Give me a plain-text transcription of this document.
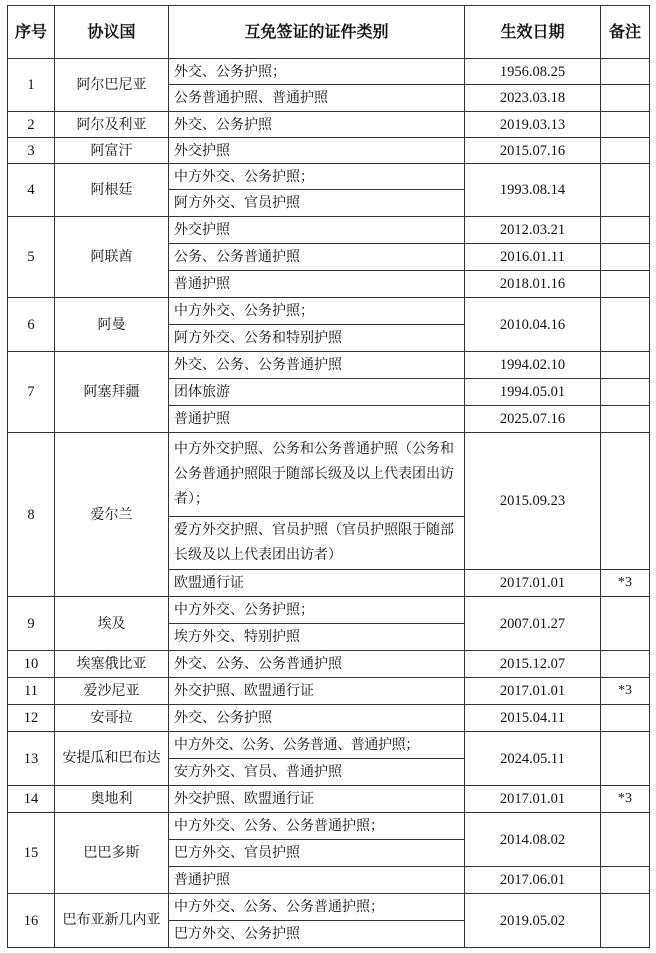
序号	协议国	互免签证的证件类别	生效日期	备注
1	阿尔巴尼亚	外交、公务护照；	1956.08.25	
		公务普通护照、普通护照	2023.03.18	
2	阿尔及利亚	外交、公务护照	2019.03.13	
3	阿富汗	外交护照	2015.07.16	
4	阿根廷	中方外交、公务护照；	1993.08.14	
		阿方外交、官员护照		
5	阿联酋	外交护照	2012.03.21	
		公务、公务普通护照	2016.01.11	
		普通护照	2018.01.16	
6	阿曼	中方外交、公务护照；	2010.04.16	
		阿方外交、公务和特别护照		
7	阿塞拜疆	外交、公务、公务普通护照	1994.02.10	
		团体旅游	1994.05.01	
		普通护照	2025.07.16	
8	爱尔兰	中方外交护照、公务和公务普通护照（公务和公务普通护照限于随部长级及以上代表团出访者）；	2015.09.23	
		爱方外交护照、官员护照（官员护照限于随部长级及以上代表团出访者）		
		欧盟通行证	2017.01.01	*3
9	埃及	中方外交、公务护照；	2007.01.27	
		埃方外交、特别护照		
10	埃塞俄比亚	外交、公务、公务普通护照	2015.12.07	
11	爱沙尼亚	外交护照、欧盟通行证	2017.01.01	*3
12	安哥拉	外交、公务护照	2015.04.11	
13	安提瓜和巴布达	中方外交、公务、公务普通、普通护照；	2024.05.11	
		安方外交、官员、普通护照		
14	奥地利	外交护照、欧盟通行证	2017.01.01	*3
15	巴巴多斯	中方外交、公务、公务普通护照；	2014.08.02	
		巴方外交、官员护照		
		普通护照	2017.06.01	
16	巴布亚新几内亚	中方外交、公务、公务普通护照；	2019.05.02	
		巴方外交、公务护照		
